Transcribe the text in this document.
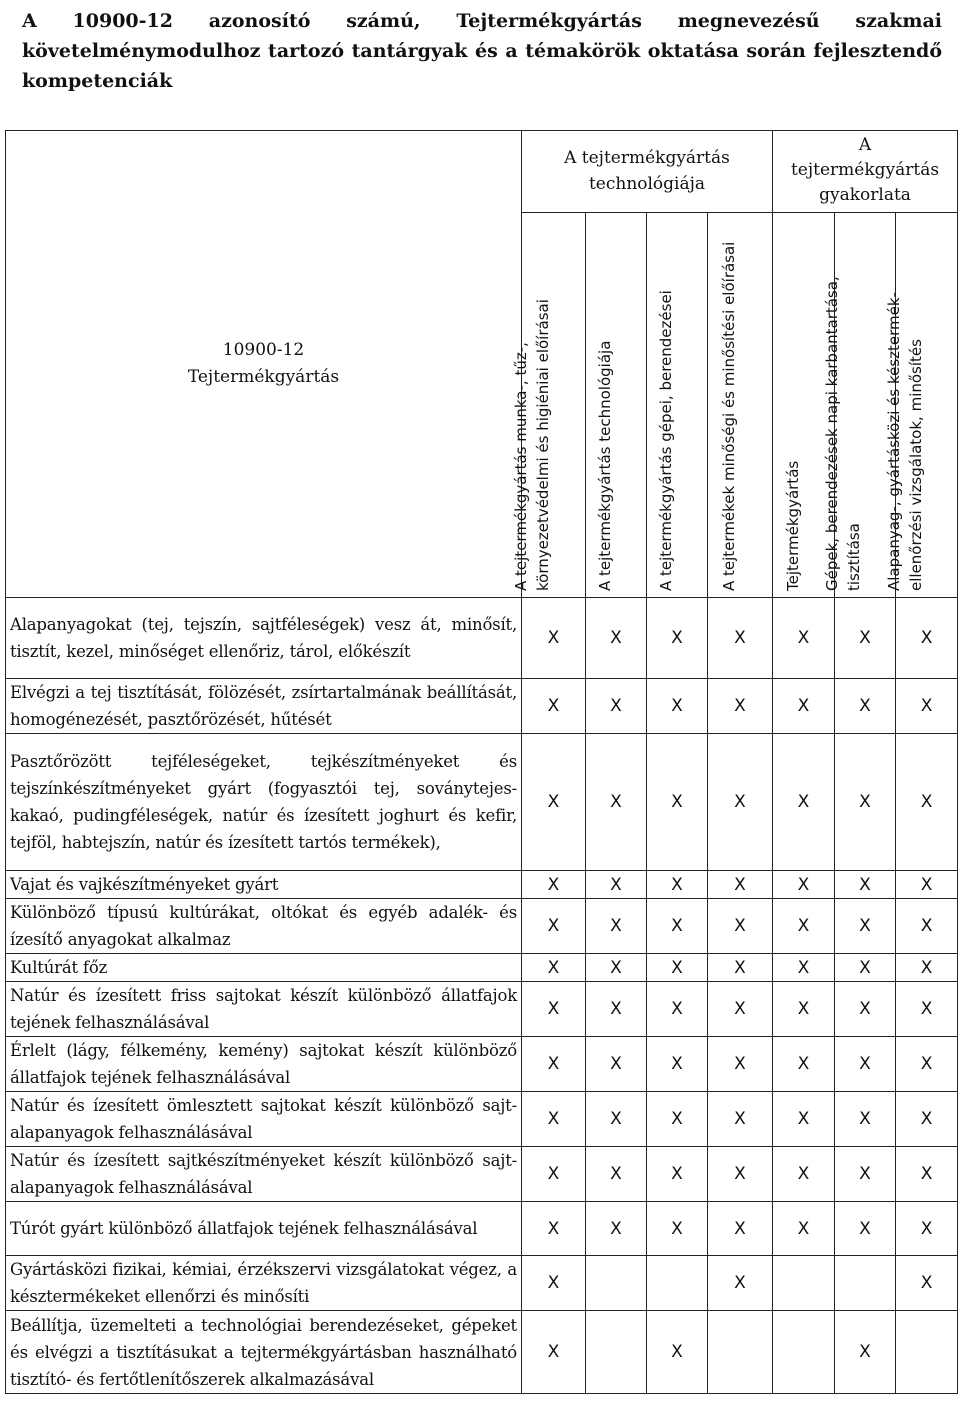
A 10900-12 azonosító számú, Tejtermékgyártás megnevezésű szakmai követelménymodulhoz tartozó tantárgyak és a témakörök oktatása során fejlesztendő kompetenciák
10900-12
Tejtermékgyártás	A tejtermékgyártás technológiája				A tejtermékgyártás gyakorlata		

	A tejtermékgyártás munka-, tűz-, környezetvédelmi és higiéniai előírásai	A tejtermékgyártás technológiája	A tejtermékgyártás gépei, berendezései	A tejtermékek minőségi és minősítési előírásai	Tejtermékgyártás	Gépek, berendezések napi karbantartása, tisztítása	Alapanyag-, gyártásközi és késztermék-ellenőrzési vizsgálatok, minősítés

Alapanyagokat (tej, tejszín, sajtféleségek) vesz át, minősít, tisztít, kezel, minőséget ellenőriz, tárol, előkészít	X	X	X	X	X	X	X
Elvégzi a tej tisztítását, fölözését, zsírtartalmának beállítását, homogénezését, pasztőrözését, hűtését	X	X	X	X	X	X	X
Pasztőrözött tejféleségeket, tejkészítményeket és tejszínkészítményeket gyárt (fogyasztói tej, soványtejes-kakaó, pudingféleségek, natúr és ízesített joghurt és kefir, tejföl, habtejszín, natúr és ízesített tartós termékek),	X	X	X	X	X	X	X
Vajat és vajkészítményeket gyárt	X	X	X	X	X	X	X
Különböző típusú kultúrákat, oltókat és egyéb adalék- és ízesítő anyagokat alkalmaz	X	X	X	X	X	X	X
Kultúrát főz	X	X	X	X	X	X	X
Natúr és ízesített friss sajtokat készít különböző állatfajok tejének felhasználásával	X	X	X	X	X	X	X
Érlelt (lágy, félkemény, kemény) sajtokat készít különböző állatfajok tejének felhasználásával	X	X	X	X	X	X	X
Natúr és ízesített ömlesztett sajtokat készít különböző sajt-alapanyagok felhasználásával	X	X	X	X	X	X	X
Natúr és ízesített sajtkészítményeket készít különböző sajt-alapanyagok felhasználásával	X	X	X	X	X	X	X
Túrót gyárt különböző állatfajok tejének felhasználásával	X	X	X	X	X	X	X
Gyártásközi fizikai, kémiai, érzékszervi vizsgálatokat végez, a késztermékeket ellenőrzi és minősíti	X			X			X
Beállítja, üzemelteti a technológiai berendezéseket, gépeket és elvégzi a tisztításukat a tejtermékgyártásban használható tisztító- és fertőtlenítőszerek alkalmazásával	X		X			X	
